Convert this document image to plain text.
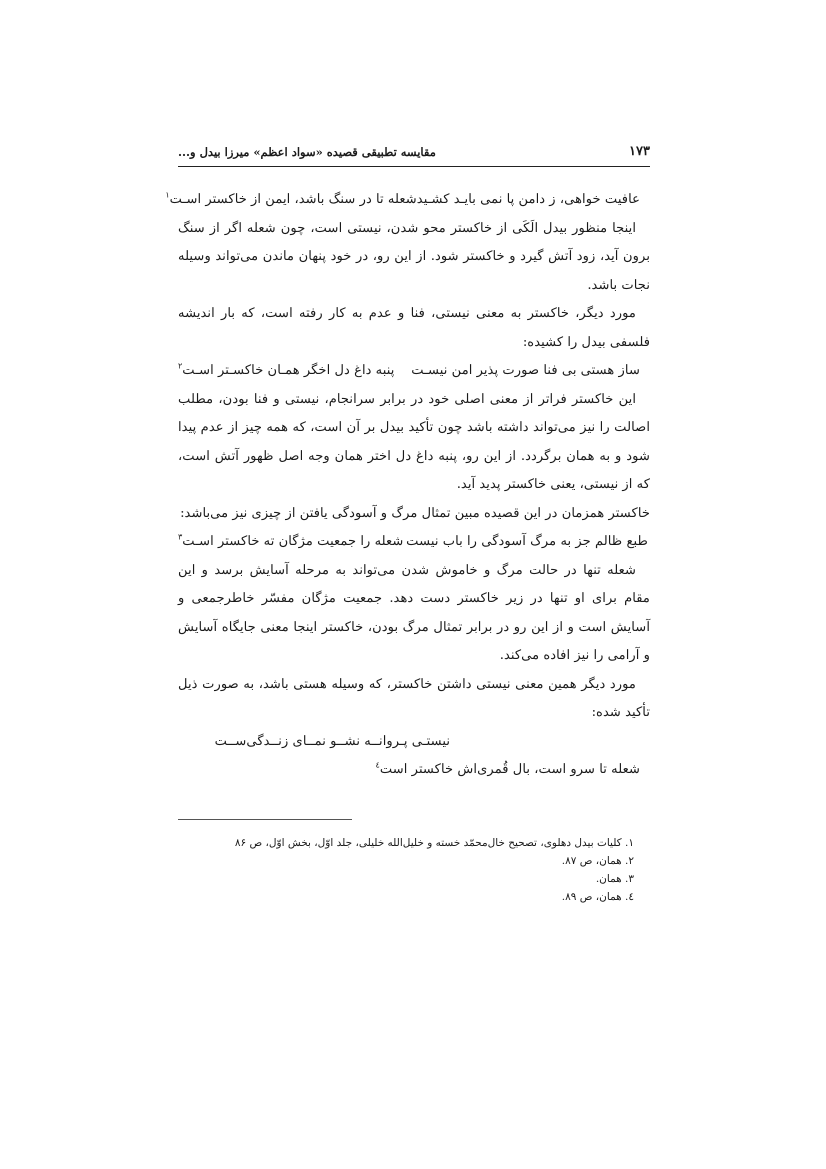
۱۷۳
مقایسه تطبیقی قصیده «سواد اعظم» میرزا بیدل و...
عافیت خواهی، ز دامن پا نمی بایـد کشـید
شعله تا در سنگ باشد، ایمن از خاکستر اسـت$^۱$

اینجا منظور بیدل الَکَی از خاکستر محو شدن، نیستی است، چون شعله اگر از سنگ برون آید، زود آتش گیرد و خاکستر شود. از این رو، در خود پنهان ماندن می‌تواند وسیله نجات باشد.

مورد دیگر، خاکستر به معنی نیستی، فنا و عدم به کار رفته است، که بار اندیشه فلسفی بیدل را کشیده:

ساز هستی بی فنا صورت پذیر امن نیسـت
پنبه داغ دل اخگر همـان خاکسـتر اسـت$^۲$

این خاکستر فراتر از معنی اصلی خود در برابر سرانجام، نیستی و فنا بودن، مطلب اصالت را نیز می‌تواند داشته باشد چون تأکید بیدل بر آن است، که همه چیز از عدم پیدا شود و به همان برگردد. از این رو، پنبه داغ دل اختر همان وجه اصل ظهور آتش است، که از نیستی، یعنی خاکستر پدید آید.

خاکستر همزمان در این قصیده مبین تمثال مرگ و آسودگی یافتن از چیزی نیز می‌باشد:

طبع ظالم جز به مرگ آسودگی را باب نیست
شعله را جمعیت مژگان ته خاکستر اسـت$^۳$

شعله تنها در حالت مرگ و خاموش شدن می‌تواند به مرحله آسایش برسد و این مقام برای او تنها در زیر خاکستر دست دهد. جمعیت مژگان مفسّر خاطرجمعی و آسایش است و از این رو در برابر تمثال مرگ بودن، خاکستر اینجا معنی جایگاه آسایش و آرامی را نیز افاده می‌کند.

مورد دیگر همین معنی نیستی داشتن خاکستر، که وسیله هستی باشد، به صورت ذیل تأکید شده:

نیستـی پـروانــه نشــو نمــای زنــدگی‌ســت
شعله تا سرو است، بال قُمری‌اش خاکستر است$^٤$
۱. کلیات بیدل دهلوی، تصحیح خال‌محمّد خسته و خلیل‌الله خلیلی، جلد اوّل، بخش اوّل، ص ۸۶
۲. همان، ص ۸۷.
۳. همان.
٤. همان، ص ۸۹.
